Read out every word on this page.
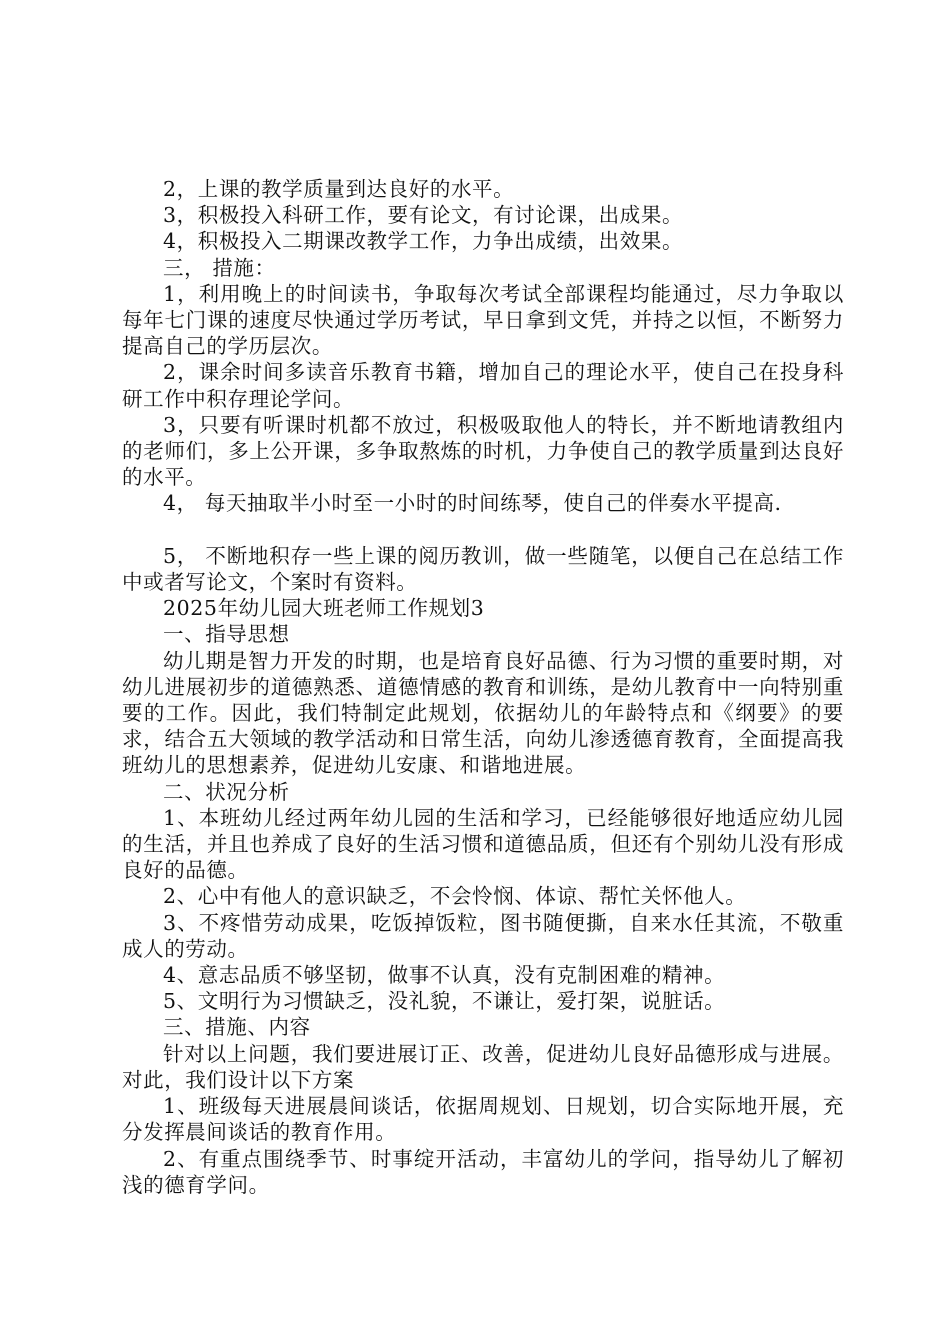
2，上课的教学质量到达良好的水平。

3，积极投入科研工作，要有论文，有讨论课，出成果。

4，积极投入二期课改教学工作，力争出成绩，出效果。

三， 措施：

1，利用晚上的时间读书，争取每次考试全部课程均能通过，尽力争取以每年七门课的速度尽快通过学历考试，早日拿到文凭，并持之以恒，不断努力提高自己的学历层次。

2，课余时间多读音乐教育书籍，增加自己的理论水平，使自己在投身科研工作中积存理论学问。

3，只要有听课时机都不放过，积极吸取他人的特长，并不断地请教组内的老师们，多上公开课，多争取熬炼的时机，力争使自己的教学质量到达良好的水平。

4， 每天抽取半小时至一小时的时间练琴，使自己的伴奏水平提高.

5， 不断地积存一些上课的阅历教训，做一些随笔，以便自己在总结工作中或者写论文，个案时有资料。

2025年幼儿园大班老师工作规划3

一、指导思想

幼儿期是智力开发的时期，也是培育良好品德、行为习惯的重要时期，对幼儿进展初步的道德熟悉、道德情感的教育和训练，是幼儿教育中一向特别重要的工作。因此，我们特制定此规划，依据幼儿的年龄特点和《纲要》的要求，结合五大领域的教学活动和日常生活，向幼儿渗透德育教育，全面提高我班幼儿的思想素养，促进幼儿安康、和谐地进展。

二、状况分析

1、本班幼儿经过两年幼儿园的生活和学习，已经能够很好地适应幼儿园的生活，并且也养成了良好的生活习惯和道德品质，但还有个别幼儿没有形成良好的品德。

2、心中有他人的意识缺乏，不会怜悯、体谅、帮忙关怀他人。

3、不疼惜劳动成果，吃饭掉饭粒，图书随便撕，自来水任其流，不敬重成人的劳动。

4、意志品质不够坚韧，做事不认真，没有克制困难的精神。

5、文明行为习惯缺乏，没礼貌，不谦让，爱打架，说脏话。

三、措施、内容

针对以上问题，我们要进展订正、改善，促进幼儿良好品德形成与进展。对此，我们设计以下方案

1、班级每天进展晨间谈话，依据周规划、日规划，切合实际地开展，充分发挥晨间谈话的教育作用。

2、有重点围绕季节、时事绽开活动，丰富幼儿的学问，指导幼儿了解初浅的德育学问。
